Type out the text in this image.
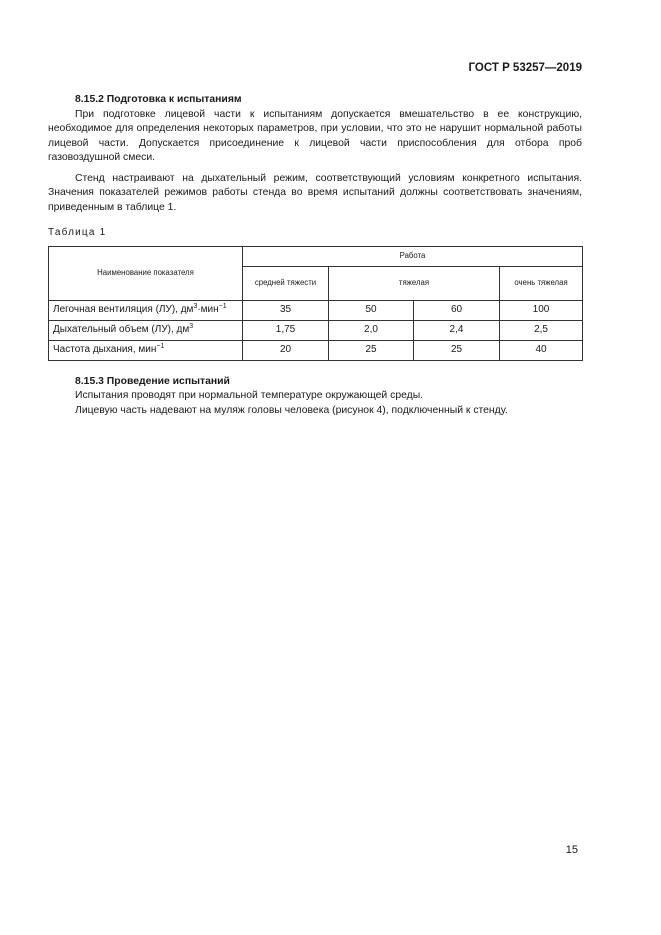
ГОСТ Р 53257—2019

8.15.2 Подготовка к испытаниям

При подготовке лицевой части к испытаниям допускается вмешательство в ее конструкцию, необходимое для определения некоторых параметров, при условии, что это не нарушит нормальной работы лицевой части. Допускается присоединение к лицевой части приспособления для отбора проб газовоздушной смеси.

Стенд настраивают на дыхательный режим, соответствующий условиям конкретного испытания. Значения показателей режимов работы стенда во время испытаний должны соответствовать значениям, приведенным в таблице 1.

Таблица 1
Наименование показателя	Работа			
	средней тяжести	тяжелая		очень тяжелая
Легочная вентиляция (ЛУ), $дм^3\cdot мин^{-1}$	35	50	60	100
Дыхательный объем (ЛУ), $дм^3$	1,75	2,0	2,4	2,5
Частота дыхания, мин$^{-1}$	20	25	25	40

8.15.3 Проведение испытаний

Испытания проводят при нормальной температуре окружающей среды.

Лицевую часть надевают на муляж головы человека (рисунок 4), подключенный к стенду.

15
